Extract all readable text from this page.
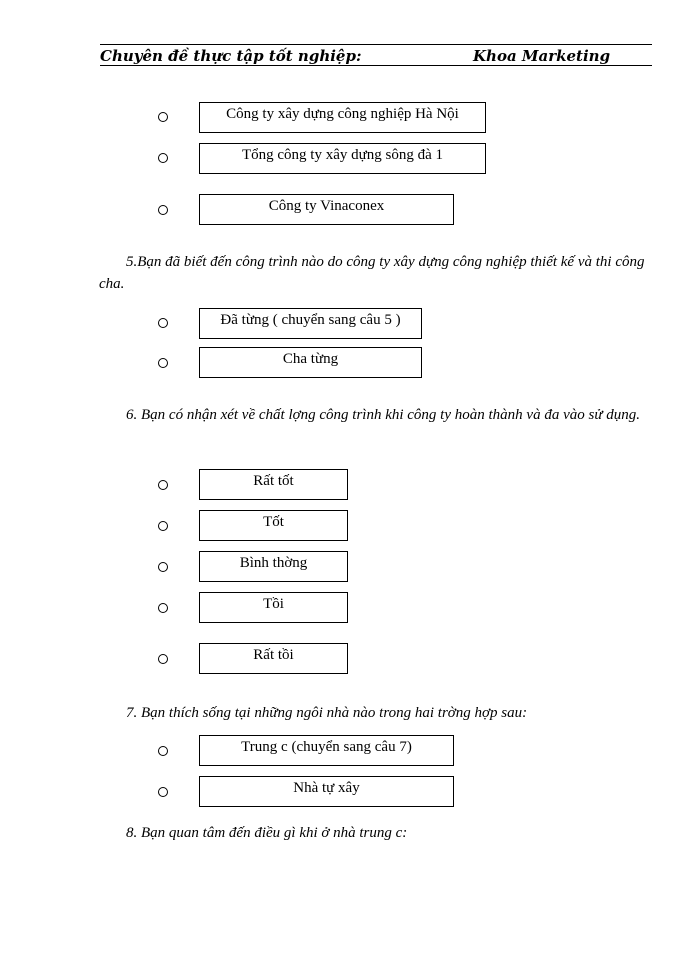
Chuyên đề thực tập tốt nghiệp:	Khoa Marketing
Công ty xây dựng công nghiệp Hà Nội
Tổng công ty xây dựng sông đà 1
Công ty Vinaconex
5.Bạn đã biết đến công trình nào do công ty xây dựng công nghiệp thiết kế và thi công cha.
Đã từng ( chuyển sang câu 5 )
Cha từng
6. Bạn có nhận xét về chất lợng công trình khi công ty hoàn thành và đa vào sử dụng.
Rất tốt
Tốt
Bình thờng
Tồi
Rất tồi
7. Bạn thích sống tại những ngôi nhà nào trong hai trờng hợp sau:
Trung c (chuyển sang câu 7)
Nhà tự xây
8. Bạn quan tâm đến điều gì khi ở nhà trung c:
